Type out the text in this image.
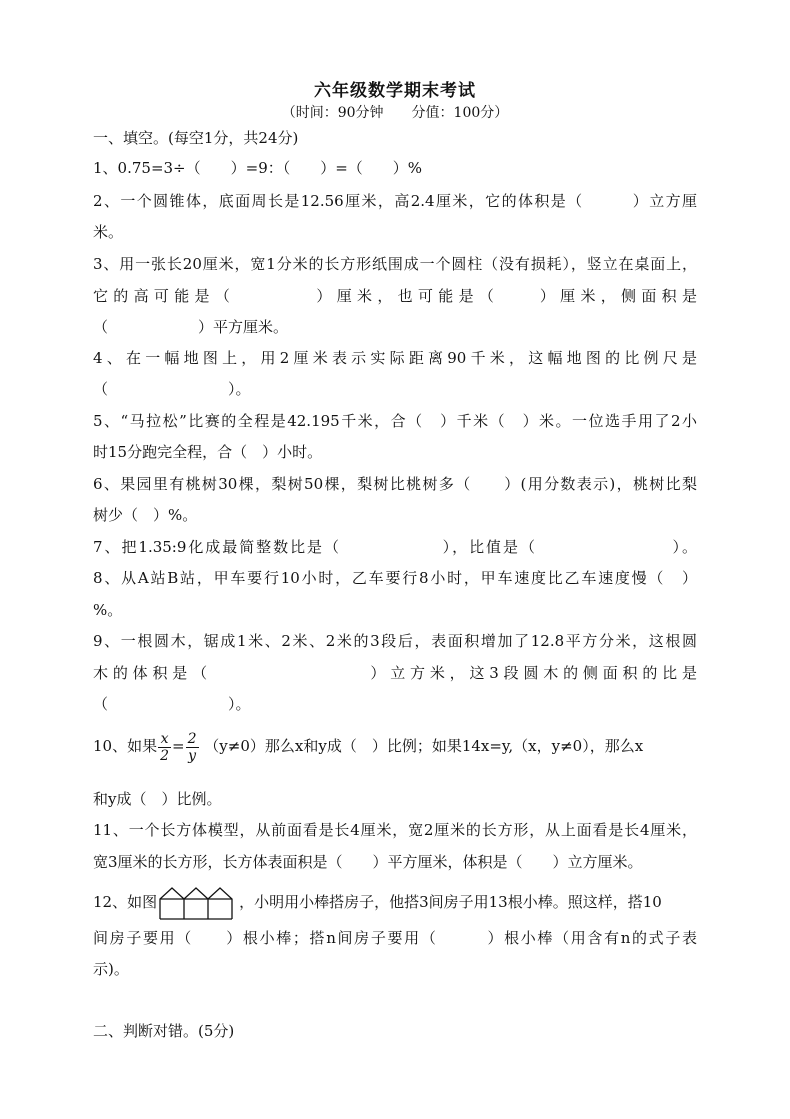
六年级数学期末考试
（时间：90分钟　　分值：100分）
一、填空。(每空1分，共24分)
1、0.75=3÷（　　）=9：（　　）=（　　）%
2、一个圆锥体，底面周长是12.56厘米，高2.4厘米，它的体积是（　　　）立方厘
米。
3、用一张长20厘米，宽1分米的长方形纸围成一个圆柱（没有损耗），竖立在桌面上，
它的高可能是（　　　　）厘米，也可能是（　　）厘米，侧面积是
（　　　　　　）平方厘米。
4、在一幅地图上，用2厘米表示实际距离90千米，这幅地图的比例尺是
（　　　　　　　　）。
5、“马拉松”比赛的全程是42.195千米，合（　）千米（　）米。一位选手用了2小
时15分跑完全程，合（　）小时。
6、果园里有桃树30棵，梨树50棵，梨树比桃树多（　　）(用分数表示)，桃树比梨
树少（　）%。
7、把1.35:9化成最简整数比是（　　　　　　），比值是（　　　　　　　　）。
8、从A站B站，甲车要行10小时，乙车要行8小时，甲车速度比乙车速度慢（　）
%。
9、一根圆木，锯成1米、2米、2米的3段后，表面积增加了12.8平方分米，这根圆
木的体积是（　　　　　　　　）立方米，这3段圆木的侧面积的比是
（　　　　　　　　）。
10、如果 $\frac{x}{2} = \frac{2}{y} (y\ne 0)$那么x和y成（　）比例；如果14x=y,（x，y≠0），那么x
和y成（　）比例。
11、一个长方体模型，从前面看是长4厘米，宽2厘米的长方形，从上面看是长4厘米，
宽3厘米的长方形，长方体表面积是（　　）平方厘米，体积是（　　）立方厘米。
12、如图	，小明用小棒搭房子，他搭3间房子用13根小棒。照这样，搭10
间房子要用（　　）根小棒；搭n间房子要用（　　　）根小棒（用含有n的式子表
示)。
二、判断对错。(5分)
